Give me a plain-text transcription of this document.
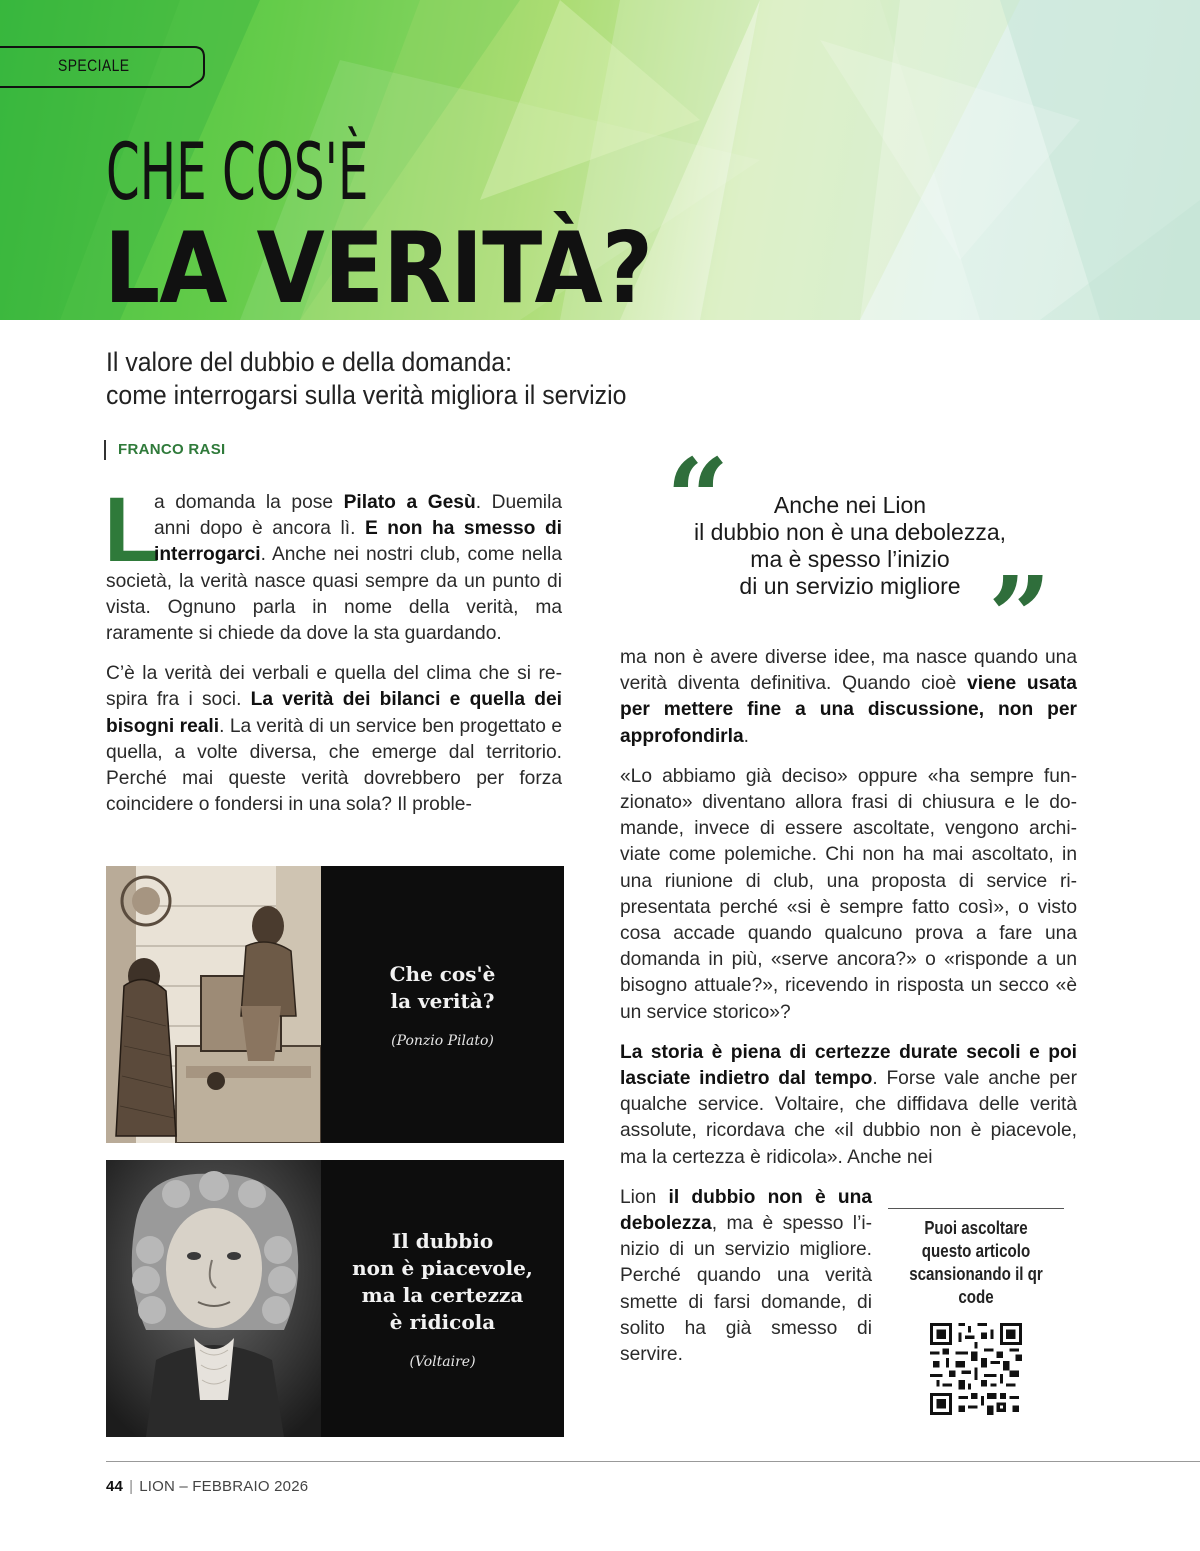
SPECIALE
CHE COS'È
LA VERITÀ?
Il valore del dubbio e della domanda:
come interrogarsi sulla verità migliora il servizio
FRANCO RASI

L
a domanda la pose Pilato a Gesù. Duemila anni dopo è ancora lì. E non ha smesso di interrogarci. Anche nei nostri club, come nella società, la verità nasce quasi sempre da un punto di vista. Ognuno parla in nome della verità, ma raramente si chiede da dove la sta guardando.

C’è la verità dei verbali e quella del clima che si respira fra i soci. La verità dei bilanci e quella dei bisogni reali. La verità di un service ben progettato e quella, a volte diversa, che emerge dal territorio. Perché mai queste verità dovrebbero per forza coincidere o fondersi in una sola? Il proble-

“	Anche nei Lion
il dubbio non è una debolezza,
ma è spesso l’inizio
di un servizio migliore ”

ma non è avere diverse idee, ma nasce quando una verità diventa definitiva. Quando cioè viene usata per mettere fine a una discussione, non per approfondirla.

«Lo abbiamo già deciso» oppure «ha sempre funzionato» diventano allora frasi di chiusura e le domande, invece di essere ascoltate, vengono archiviate come polemiche. Chi non ha mai ascoltato, in una riunione di club, una proposta di service ripresentata perché «si è sempre fatto così», o visto cosa accade quando qualcuno prova a fare una domanda in più, «serve ancora?» o «risponde a un bisogno attuale?», ricevendo in risposta un secco «è un service storico»?

La storia è piena di certezze durate secoli e poi lasciate indietro dal tempo. Forse vale anche per qualche service. Voltaire, che diffidava delle verità assolute, ricordava che «il dubbio non è piacevole, ma la certezza è ridicola». Anche nei

Lion il dubbio non è una debolezza, ma è spesso l’inizio di un servizio migliore. Perché quando una verità smette di farsi domande, di solito ha già smesso di servire.

Puoi ascoltare questo articolo scansionando il qr code
Che cos'è
la verità?
(Ponzio Pilato)
Il dubbio
non è piacevole,
ma la certezza
è ridicola
(Voltaire)
44 | LION – FEBBRAIO 2026
